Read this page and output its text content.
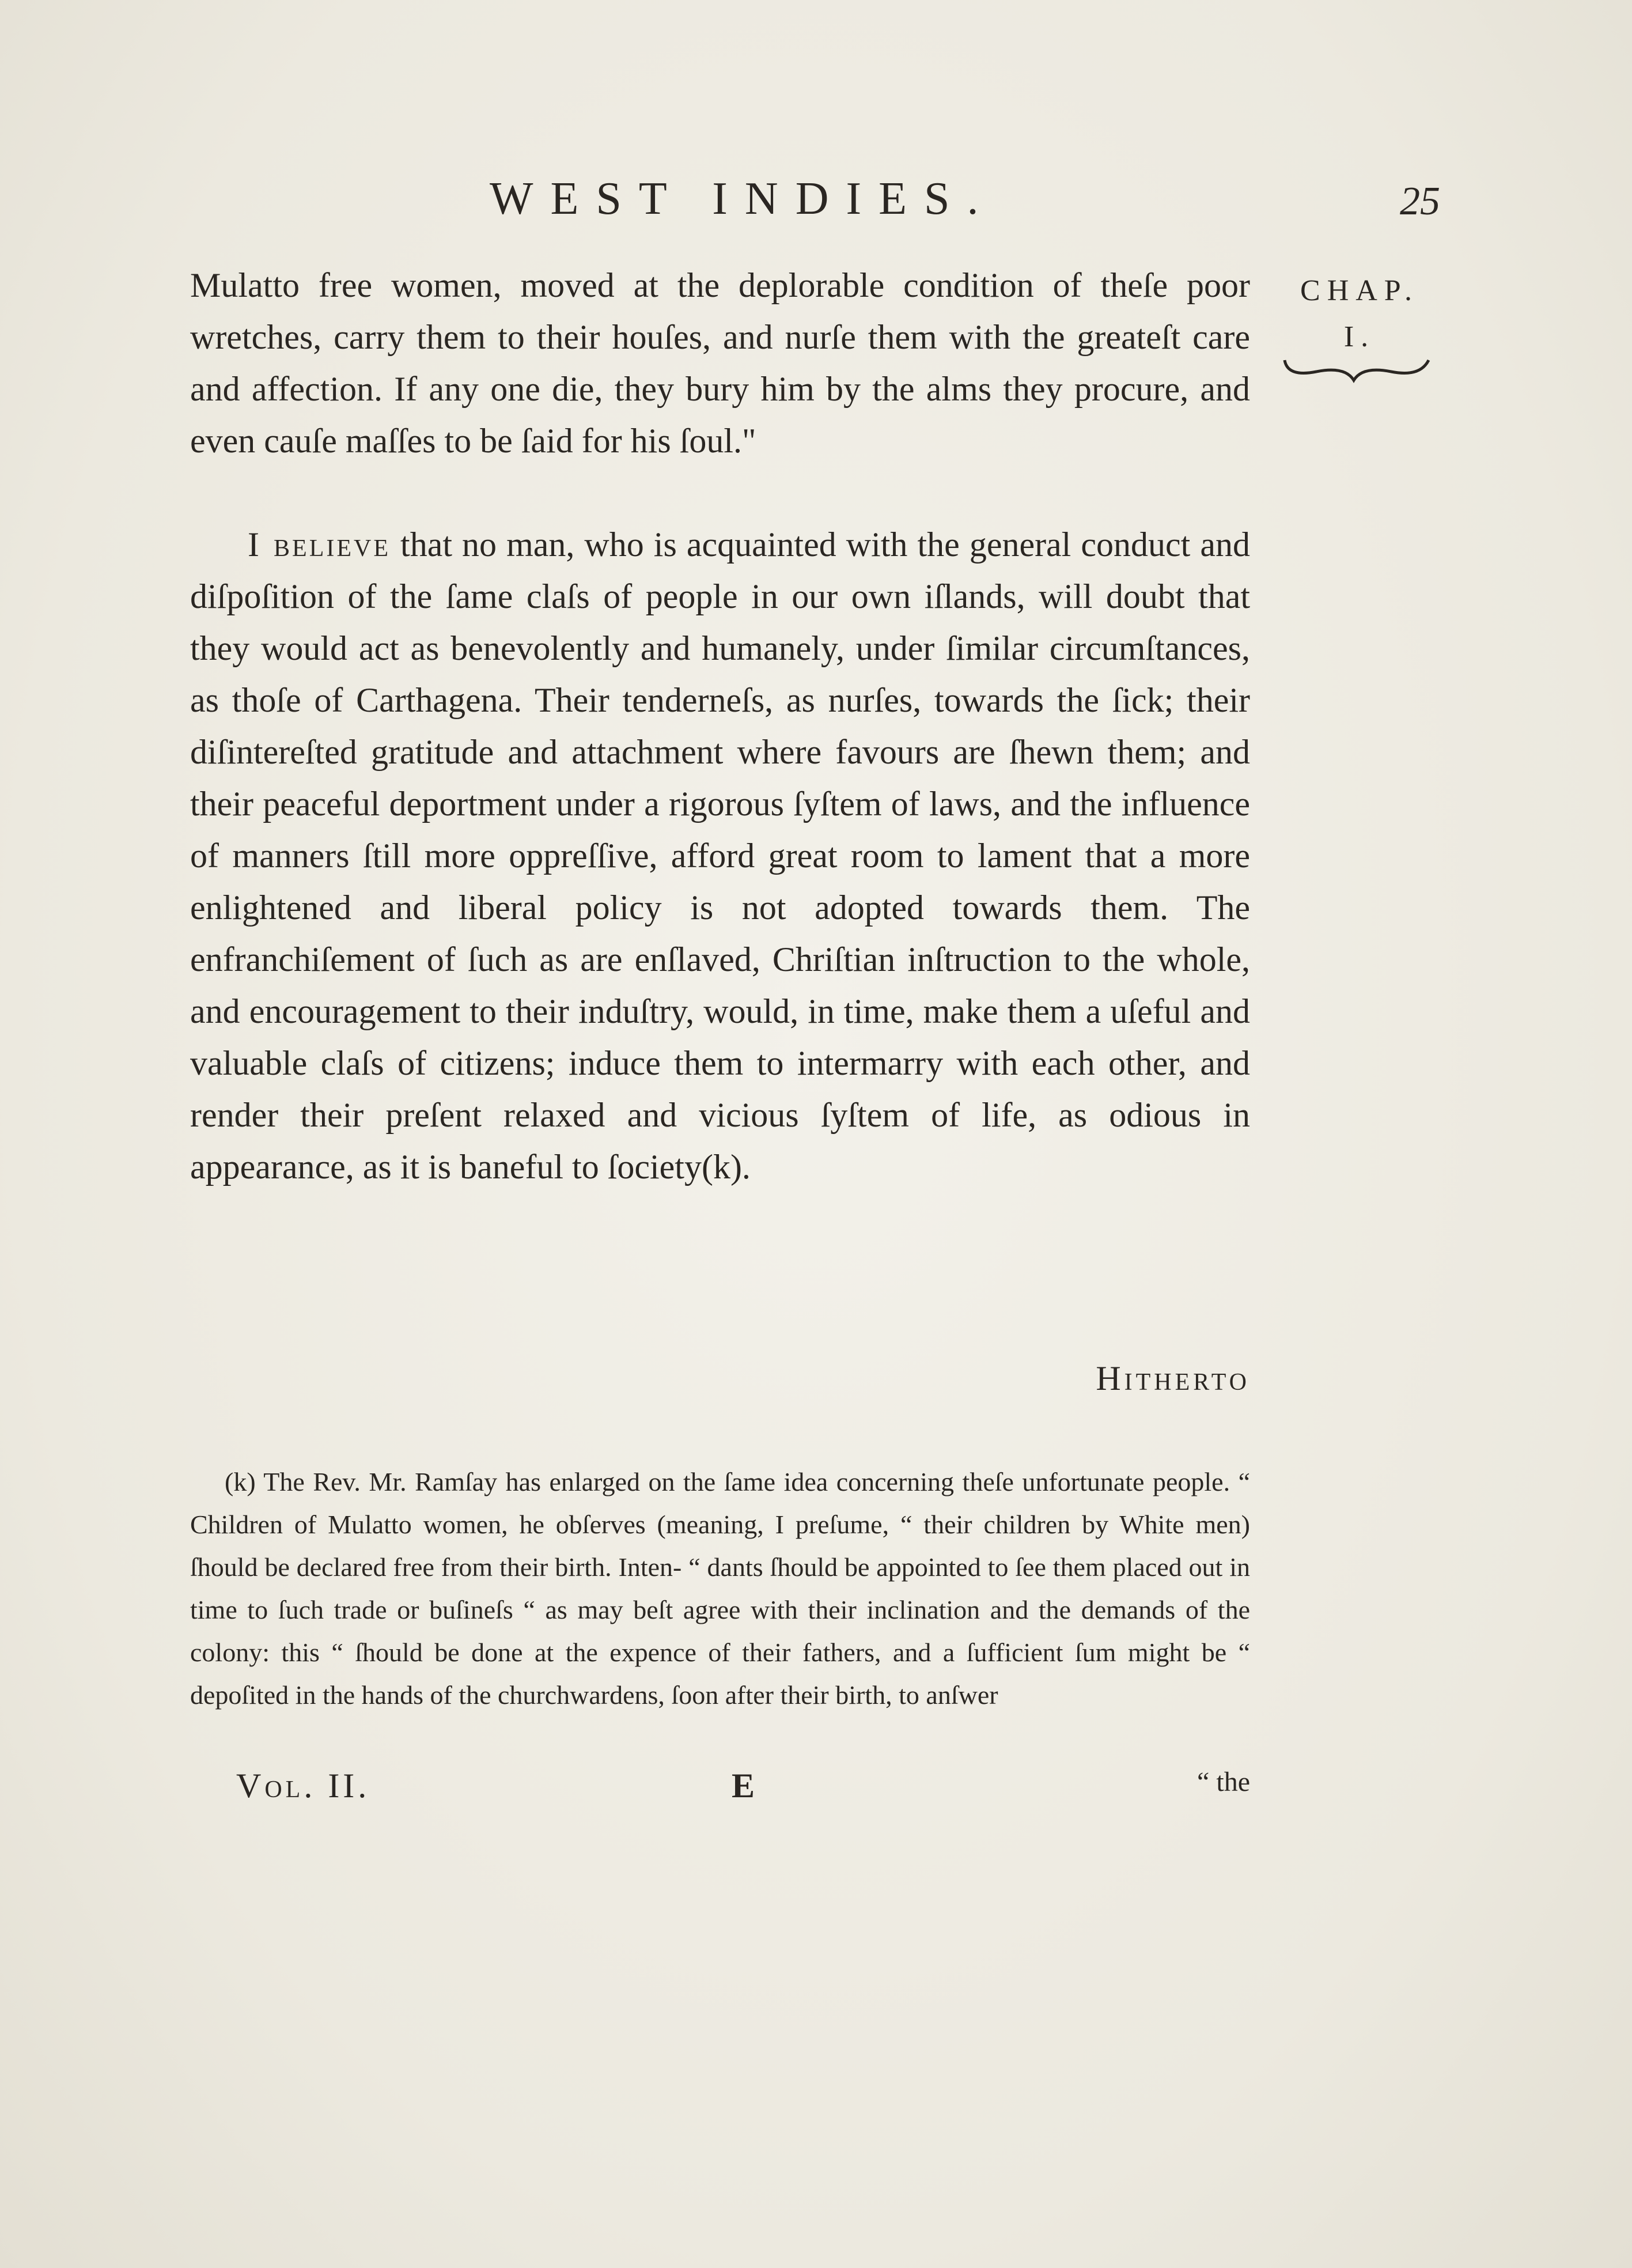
WEST INDIES.	25
CHAP.
I.

Mulatto free women, moved at the deplorable condition of theſe poor wretches, carry them to their houſes, and nurſe them with the greateſt care and affection. If any one die, they bury him by the alms they procure, and even cauſe maſſes to be ſaid for his ſoul."

I believe that no man, who is acquainted with the general conduct and diſpoſition of the ſame claſs of people in our own iſlands, will doubt that they would act as benevolently and humanely, under ſimilar circumſtances, as thoſe of Carthagena. Their tenderneſs, as nurſes, towards the ſick; their diſintereſted gratitude and attachment where favours are ſhewn them; and their peaceful deportment under a rigorous ſyſtem of laws, and the influence of manners ſtill more oppreſſive, afford great room to lament that a more enlightened and liberal policy is not adopted towards them. The enfranchiſement of ſuch as are enſlaved, Chriſtian inſtruction to the whole, and encouragement to their induſtry, would, in time, make them a uſeful and valuable claſs of citizens; induce them to intermarry with each other, and render their preſent relaxed and vicious ſyſtem of life, as odious in appearance, as it is baneful to ſociety(k).

Hitherto

(k) The Rev. Mr. Ramſay has enlarged on the ſame idea concerning theſe unfortunate people. “ Children of Mulatto women, he obſerves (meaning, I preſume, “ their children by White men) ſhould be declared free from their birth. Inten- “ dants ſhould be appointed to ſee them placed out in time to ſuch trade or buſineſs “ as may beſt agree with their inclination and the demands of the colony: this “ ſhould be done at the expence of their fathers, and a ſufficient ſum might be “ depoſited in the hands of the churchwardens, ſoon after their birth, to anſwer

Vol. II.	E	“ the
